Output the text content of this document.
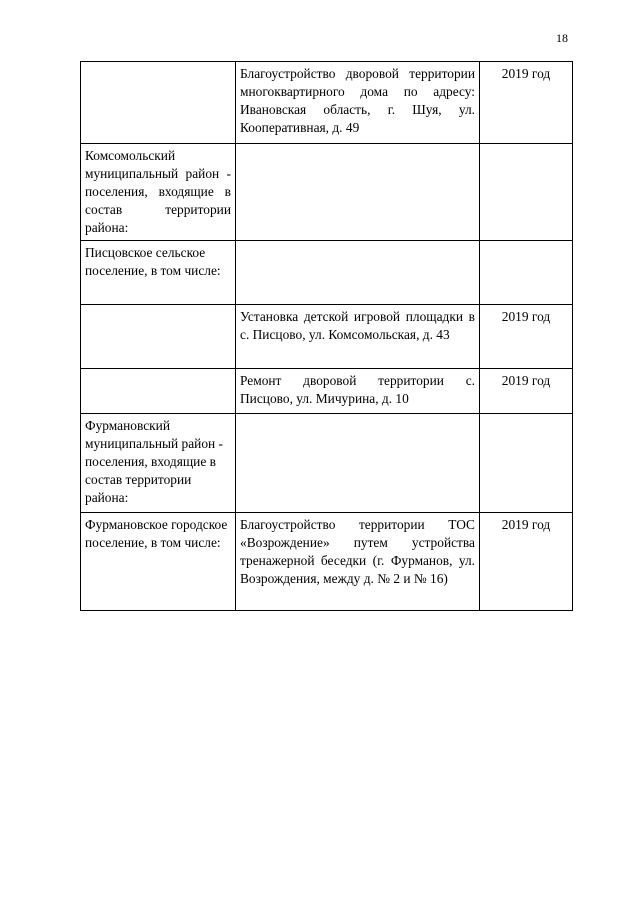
18
	Благоустройство дворовой территории многоквартирного дома по адресу: Ивановская область, г. Шуя, ул. Кооперативная, д. 49	2019 год
Комсомольский муниципальный район - поселения, входящие в состав территории района:		
Писцовское сельское поселение, в том числе:		
	Установка детской игровой площадки в с. Писцово, ул. Комсомольская, д. 43	2019 год
	Ремонт дворовой территории с. Писцово, ул. Мичурина, д. 10	2019 год
Фурмановский муниципальный район - поселения, входящие в состав территории района:		
Фурмановское городское поселение, в том числе:	Благоустройство территории ТОС «Возрождение» путем устройства тренажерной беседки (г. Фурманов, ул. Возрождения, между д. № 2 и № 16)	2019 год
